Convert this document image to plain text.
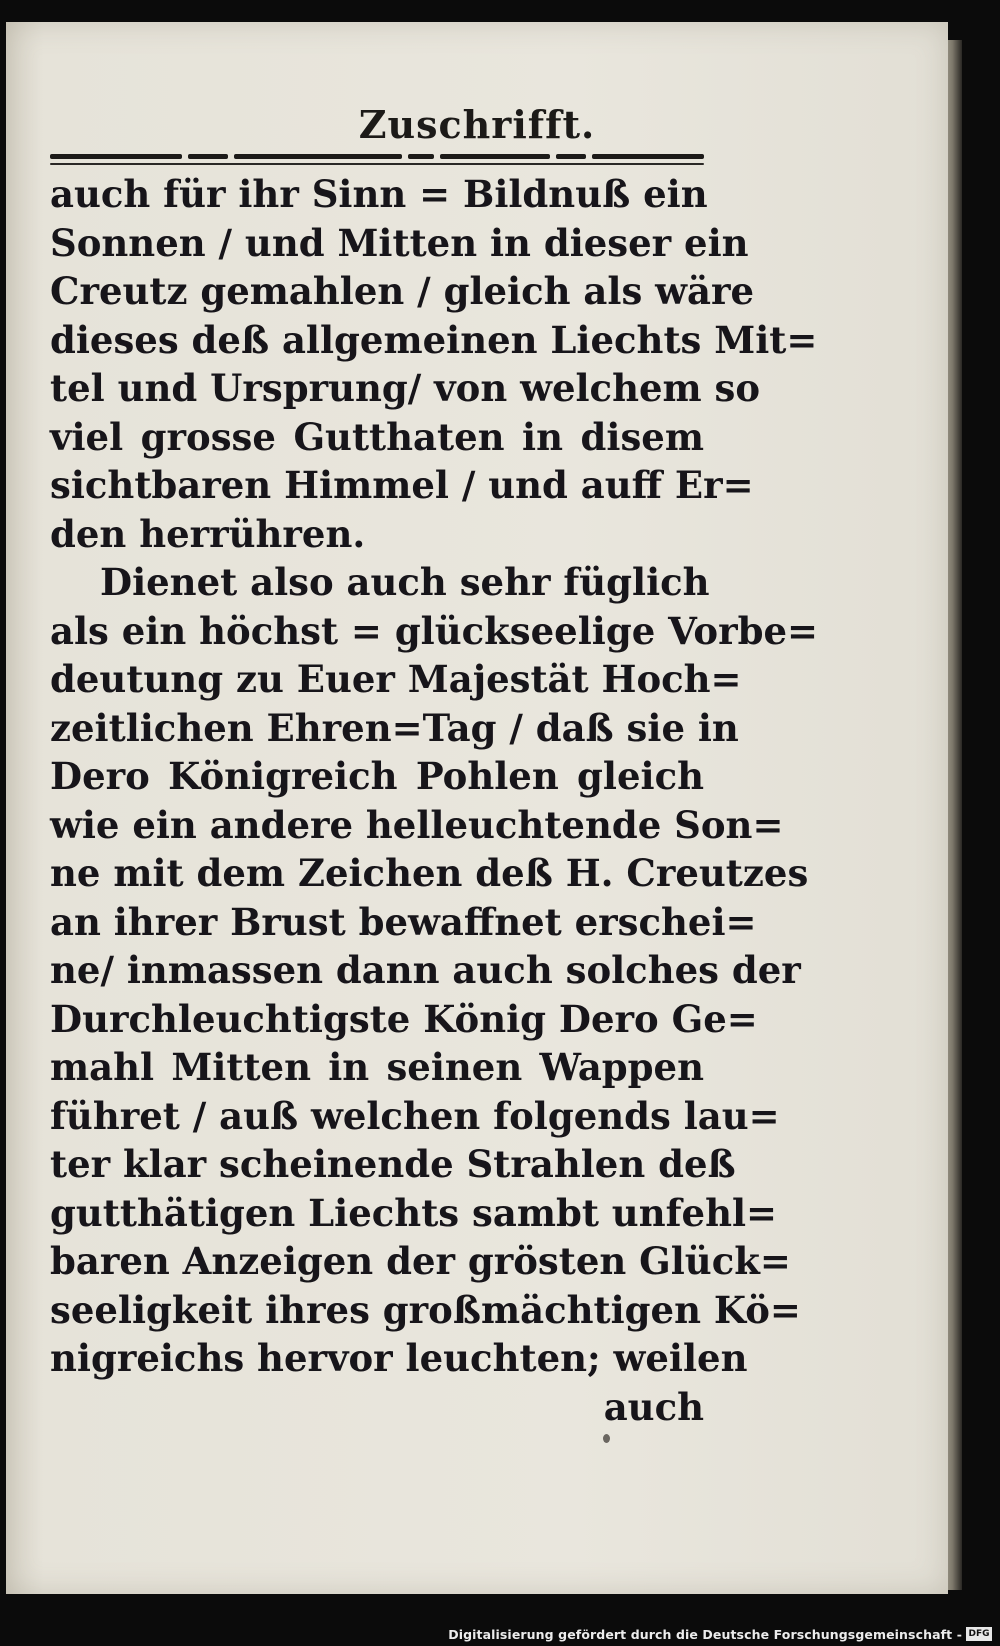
Zuschrifft.
auch für ihr Sinn = Bildnuß ein
Sonnen / und Mitten in dieser ein
Creutz gemahlen / gleich als wäre
dieses deß allgemeinen Liechts Mit=
tel und Ursprung/ von welchem so
viel grosse Gutthaten in disem
sichtbaren Himmel / und auff Er=
den herrühren.
Dienet also auch sehr füglich
als ein höchst = glückseelige Vorbe=
deutung zu Euer Majestät Hoch=
zeitlichen Ehren=Tag / daß sie in
Dero Königreich Pohlen gleich
wie ein andere helleuchtende Son=
ne mit dem Zeichen deß H. Creutzes
an ihrer Brust bewaffnet erschei=
ne/ inmassen dann auch solches der
Durchleuchtigste König Dero Ge=
mahl Mitten in seinen Wappen
führet / auß welchen folgends lau=
ter klar scheinende Strahlen deß
gutthätigen Liechts sambt unfehl=
baren Anzeigen der grösten Glück=
seeligkeit ihres großmächtigen Kö=
nigreichs hervor leuchten; weilen
auch
Digitalisierung gefördert durch die Deutsche Forschungsgemeinschaft - DFG
